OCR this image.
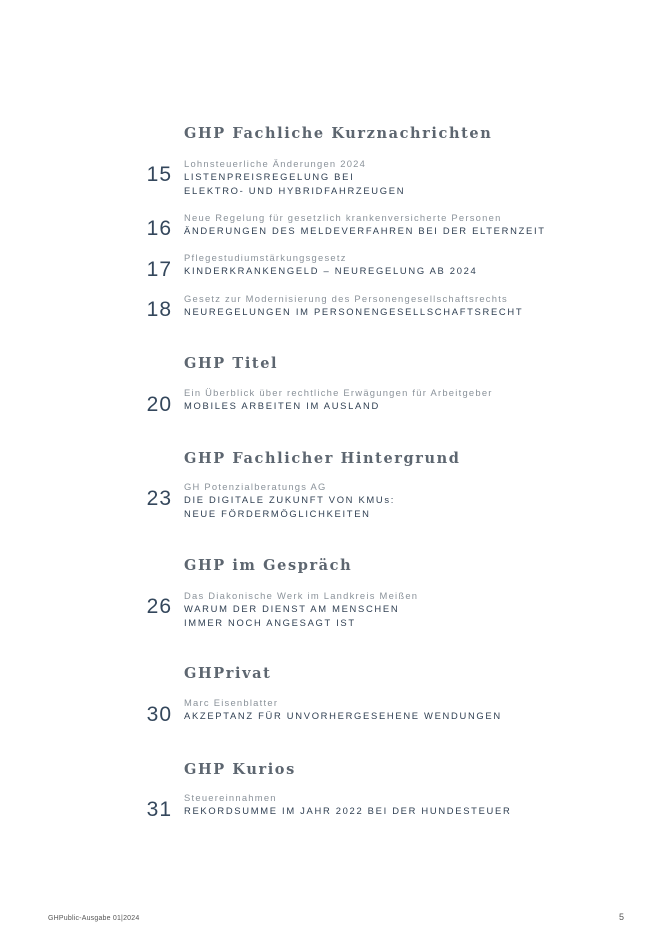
GHP Fachliche Kurznachrichten
GHP Titel
GHP Fachlicher Hintergrund
GHP im Gespräch
GHPrivat
GHP Kurios
15 Lohnsteuerliche Änderungen 2024
LISTENPREISREGELUNG BEI
ELEKTRO- UND HYBRIDFAHRZEUGEN
16 Neue Regelung für gesetzlich krankenversicherte Personen
ÄNDERUNGEN DES MELDEVERFAHREN BEI DER ELTERNZEIT
17
Pflegestudiumstärkungsgesetz
KINDERKRANKENGELD – NEUREGELUNG AB 2024
18 Gesetz zur Modernisierung des Personengesellschaftsrechts
NEUREGELUNGEN IM PERSONENGESELLSCHAFTSRECHT
20
Ein Überblick über rechtliche Erwägungen für Arbeitgeber
MOBILES ARBEITEN IM AUSLAND
23
GH Potenzialberatungs AG
DIE DIGITALE ZUKUNFT VON KMUs:
NEUE FÖRDERMÖGLICHKEITEN
26 Das Diakonische Werk im Landkreis Meißen
WARUM DER DIENST AM MENSCHEN
IMMER NOCH ANGESAGT IST
30
Marc Eisenblatter
AKZEPTANZ FÜR UNVORHERGESEHENE WENDUNGEN
31
Steuereinnahmen
REKORDSUMME IM JAHR 2022 BEI DER HUNDESTEUER
GHPublic-Ausgabe 01|2024	5
